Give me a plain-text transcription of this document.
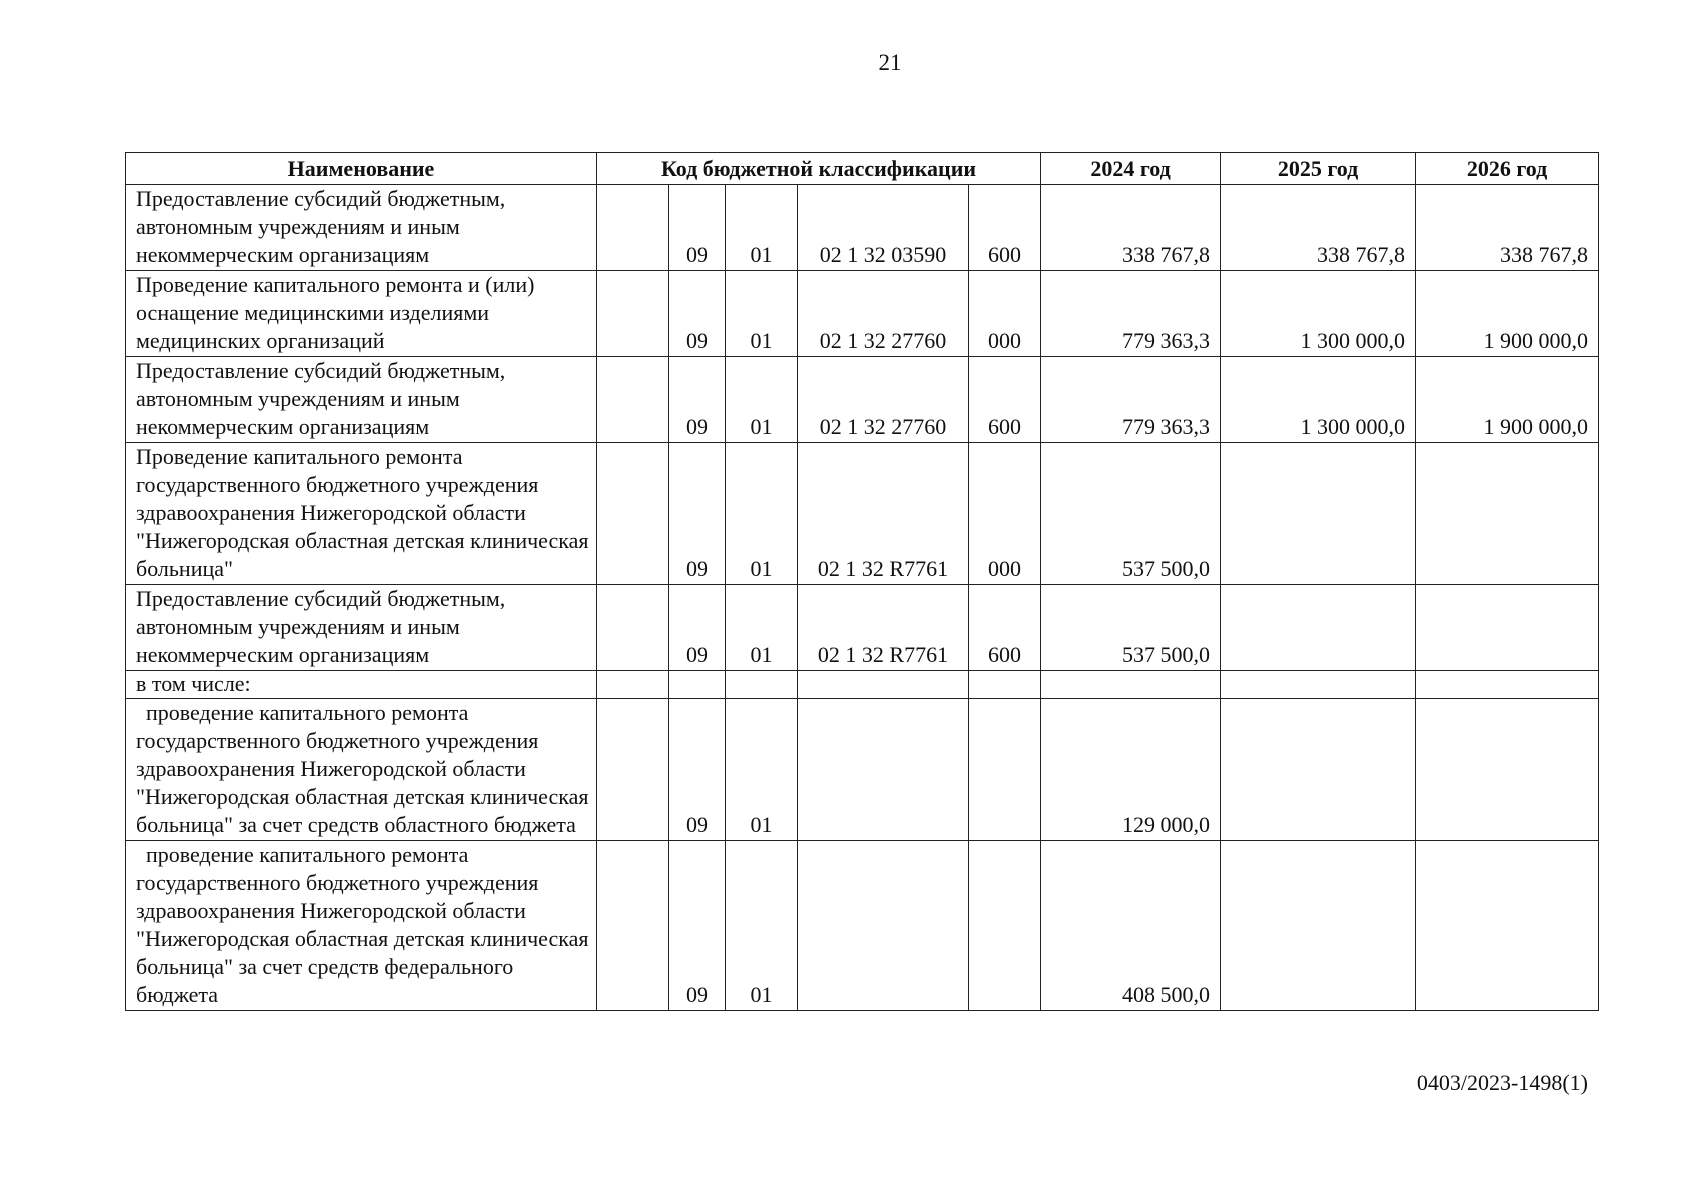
21
Наименование	Код бюджетной классификации					2024 год	2025 год	2026 год
Предоставление субсидий бюджетным, автономным учреждениям и иным некоммерческим организациям		09	01	02 1 32 03590	600	338 767,8	338 767,8	338 767,8
Проведение капитального ремонта и (или) оснащение медицинскими изделиями медицинских организаций		09	01	02 1 32 27760	000	779 363,3	1 300 000,0	1 900 000,0
Предоставление субсидий бюджетным, автономным учреждениям и иным некоммерческим организациям		09	01	02 1 32 27760	600	779 363,3	1 300 000,0	1 900 000,0
Проведение капитального ремонта государственного бюджетного учреждения здравоохранения Нижегородской области "Нижегородская областная детская клиническая больница"		09	01	02 1 32 R7761	000	537 500,0		
Предоставление субсидий бюджетным, автономным учреждениям и иным некоммерческим организациям		09	01	02 1 32 R7761	600	537 500,0		
в том числе:								
проведение капитального ремонта государственного бюджетного учреждения здравоохранения Нижегородской области "Нижегородская областная детская клиническая больница" за счет средств областного бюджета		09	01			129 000,0		
проведение капитального ремонта государственного бюджетного учреждения здравоохранения Нижегородской области "Нижегородская областная детская клиническая больница" за счет средств федерального бюджета		09	01			408 500,0		
0403/2023-1498(1)
